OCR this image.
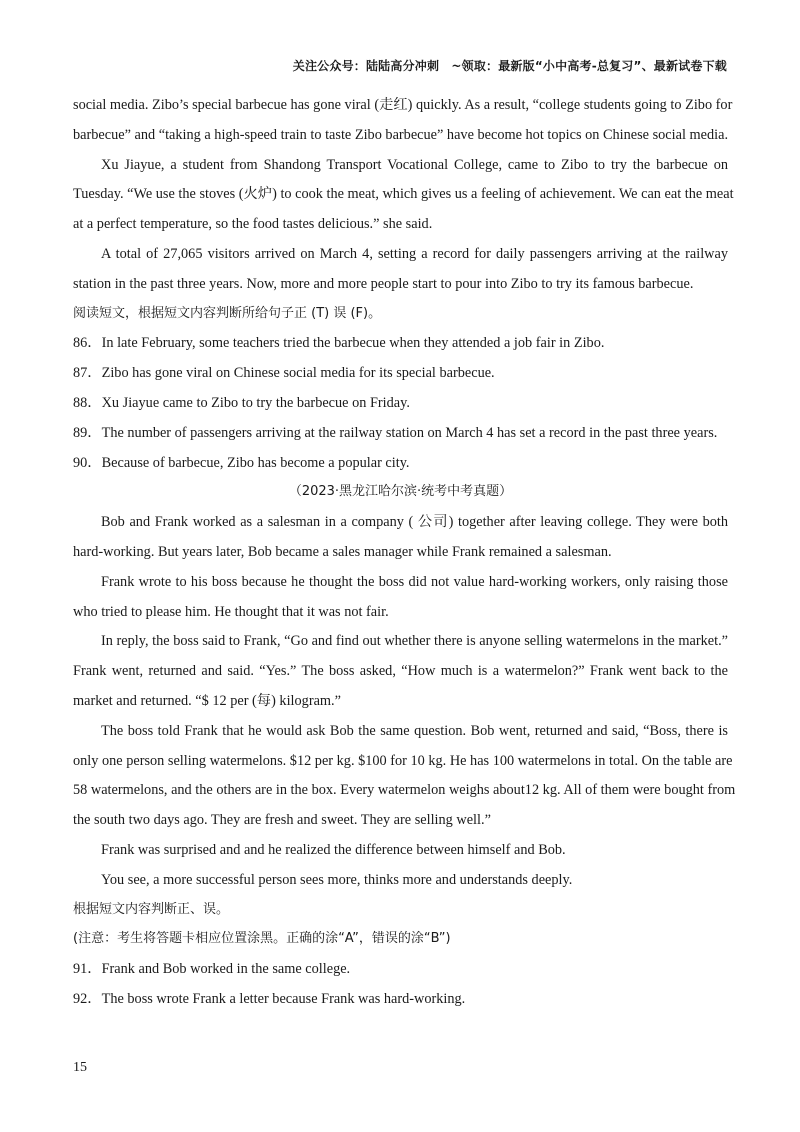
关注公众号：陆陆高分冲刺　~领取：最新版“小中高考-总复习”、最新试卷下载
social media. Zibo’s special barbecue has gone viral (走红) quickly. As a result, “college students going to Zibo for
barbecue” and “taking a high-speed train to taste Zibo barbecue” have become hot topics on Chinese social media.
Xu Jiayue, a student from Shandong Transport Vocational College, came to Zibo to try the barbecue on
Tuesday. “We use the stoves (火炉) to cook the meat, which gives us a feeling of achievement. We can eat the meat
at a perfect temperature, so the food tastes delicious.” she said.
A total of 27,065 visitors arrived on March 4, setting a record for daily passengers arriving at the railway
station in the past three years. Now, more and more people start to pour into Zibo to try its famous barbecue.
阅读短文，根据短文内容判断所给句子正 (T) 误 (F)。
86．In late February, some teachers tried the barbecue when they attended a job fair in Zibo.
87．Zibo has gone viral on Chinese social media for its special barbecue.
88．Xu Jiayue came to Zibo to try the barbecue on Friday.
89．The number of passengers arriving at the railway station on March 4 has set a record in the past three years.
90．Because of barbecue, Zibo has become a popular city.
（2023·黑龙江哈尔滨·统考中考真题）
Bob and Frank worked as a salesman in a company ( 公司) together after leaving college. They were both
hard-working. But years later, Bob became a sales manager while Frank remained a salesman.
Frank wrote to his boss because he thought the boss did not value hard-working workers, only raising those
who tried to please him. He thought that it was not fair.
In reply, the boss said to Frank, “Go and find out whether there is anyone selling watermelons in the market.”
Frank went, returned and said. “Yes.” The boss asked, “How much is a watermelon?” Frank went back to the
market and returned. “$ 12 per (每) kilogram.”
The boss told Frank that he would ask Bob the same question. Bob went, returned and said, “Boss, there is
only one person selling watermelons. $12 per kg. $100 for 10 kg. He has 100 watermelons in total. On the table are
58 watermelons, and the others are in the box. Every watermelon weighs about12 kg. All of them were bought from
the south two days ago. They are fresh and sweet. They are selling well.”
Frank was surprised and and he realized the difference between himself and Bob.
You see, a more successful person sees more, thinks more and understands deeply.
根据短文内容判断正、误。
(注意：考生将答题卡相应位置涂黑。正确的涂“A”，错误的涂“B”)
91．Frank and Bob worked in the same college.
92．The boss wrote Frank a letter because Frank was hard-working.
15
